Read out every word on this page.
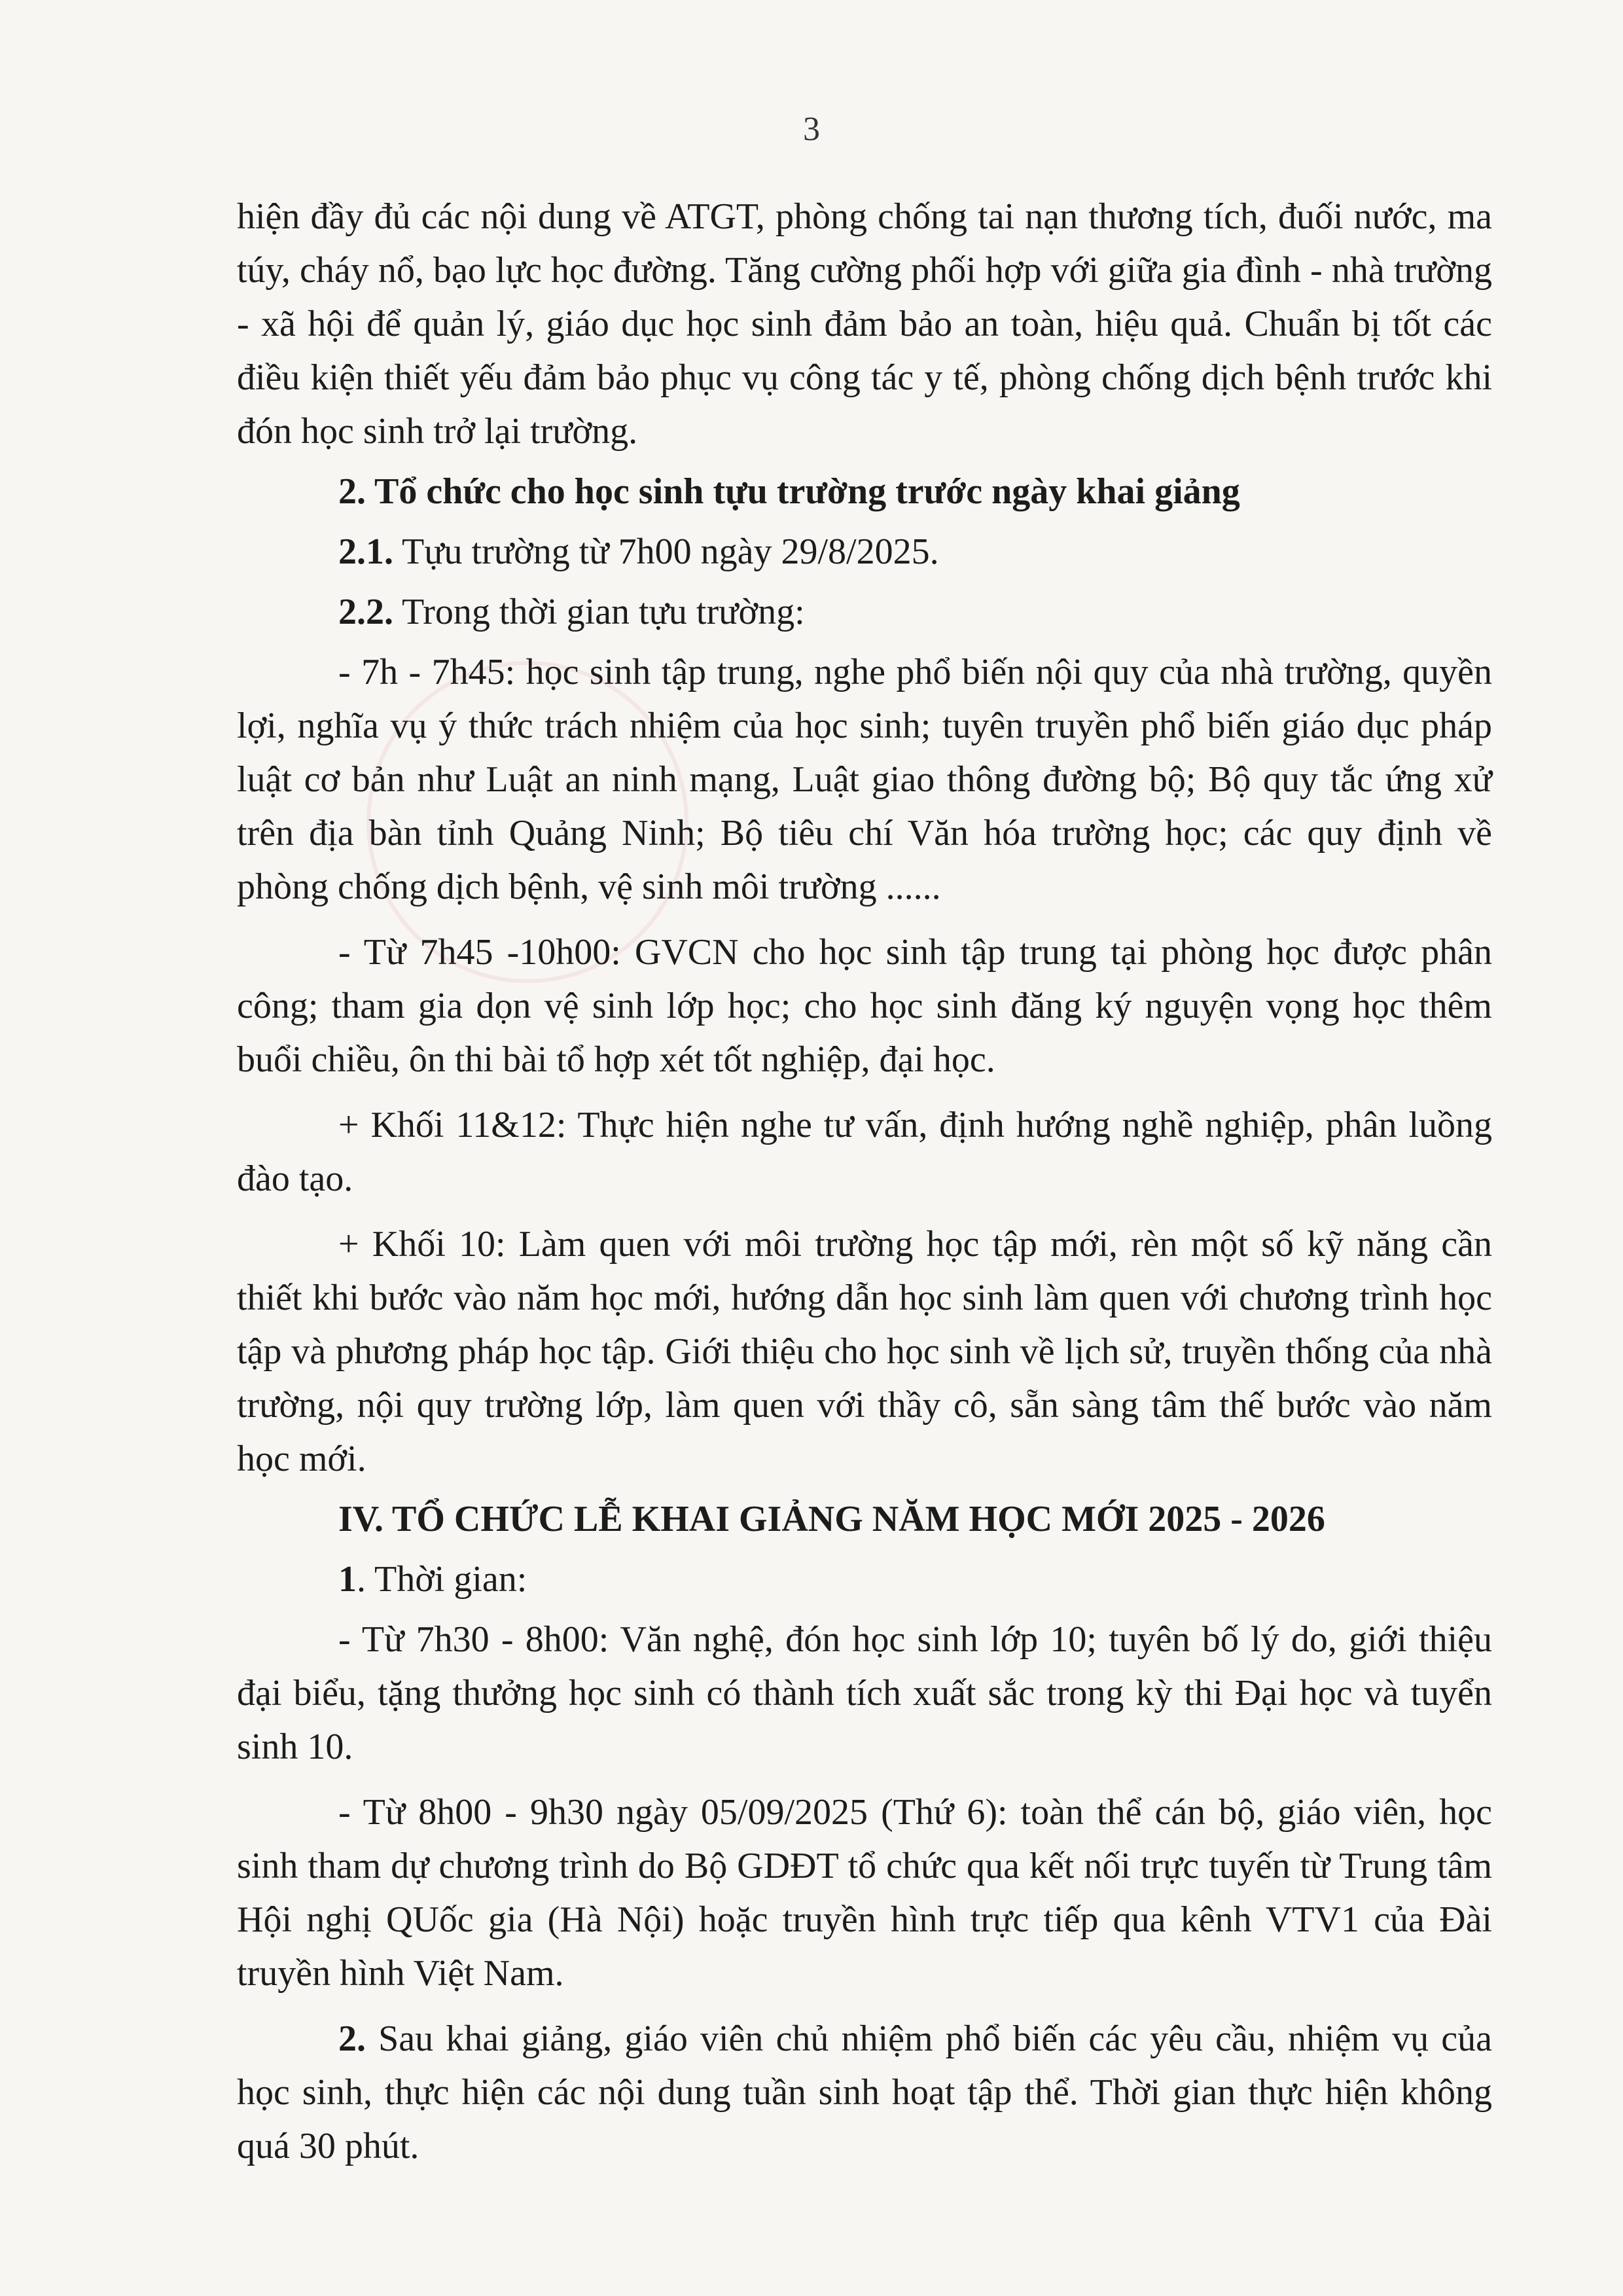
3

hiện đầy đủ các nội dung về ATGT, phòng chống tai nạn thương tích, đuối nước, ma túy, cháy nổ, bạo lực học đường. Tăng cường phối hợp với giữa gia đình - nhà trường - xã hội để quản lý, giáo dục học sinh đảm bảo an toàn, hiệu quả. Chuẩn bị tốt các điều kiện thiết yếu đảm bảo phục vụ công tác y tế, phòng chống dịch bệnh trước khi đón học sinh trở lại trường.

2. Tổ chức cho học sinh tựu trường trước ngày khai giảng

2.1. Tựu trường từ 7h00 ngày 29/8/2025.

2.2. Trong thời gian tựu trường:

- 7h - 7h45: học sinh tập trung, nghe phổ biến nội quy của nhà trường, quyền lợi, nghĩa vụ ý thức trách nhiệm của học sinh; tuyên truyền phổ biến giáo dục pháp luật cơ bản như Luật an ninh mạng, Luật giao thông đường bộ; Bộ quy tắc ứng xử trên địa bàn tỉnh Quảng Ninh; Bộ tiêu chí Văn hóa trường học; các quy định về phòng chống dịch bệnh, vệ sinh môi trường ......

- Từ 7h45 -10h00: GVCN cho học sinh tập trung tại phòng học được phân công; tham gia dọn vệ sinh lớp học; cho học sinh đăng ký nguyện vọng học thêm buổi chiều, ôn thi bài tổ hợp xét tốt nghiệp, đại học.

+ Khối 11&12: Thực hiện nghe tư vấn, định hướng nghề nghiệp, phân luồng đào tạo.

+ Khối 10: Làm quen với môi trường học tập mới, rèn một số kỹ năng cần thiết khi bước vào năm học mới, hướng dẫn học sinh làm quen với chương trình học tập và phương pháp học tập. Giới thiệu cho học sinh về lịch sử, truyền thống của nhà trường, nội quy trường lớp, làm quen với thầy cô, sẵn sàng tâm thế bước vào năm học mới.

IV. TỔ CHỨC LỄ KHAI GIẢNG NĂM HỌC MỚI 2025 - 2026

1. Thời gian:

- Từ 7h30 - 8h00: Văn nghệ, đón học sinh lớp 10; tuyên bố lý do, giới thiệu đại biểu, tặng thưởng học sinh có thành tích xuất sắc trong kỳ thi Đại học và tuyển sinh 10.

- Từ 8h00 - 9h30 ngày 05/09/2025 (Thứ 6): toàn thể cán bộ, giáo viên, học sinh tham dự chương trình do Bộ GDĐT tổ chức qua kết nối trực tuyến từ Trung tâm Hội nghị QUốc gia (Hà Nội) hoặc truyền hình trực tiếp qua kênh VTV1 của Đài truyền hình Việt Nam.

2. Sau khai giảng, giáo viên chủ nhiệm phổ biến các yêu cầu, nhiệm vụ của học sinh, thực hiện các nội dung tuần sinh hoạt tập thể. Thời gian thực hiện không quá 30 phút.
